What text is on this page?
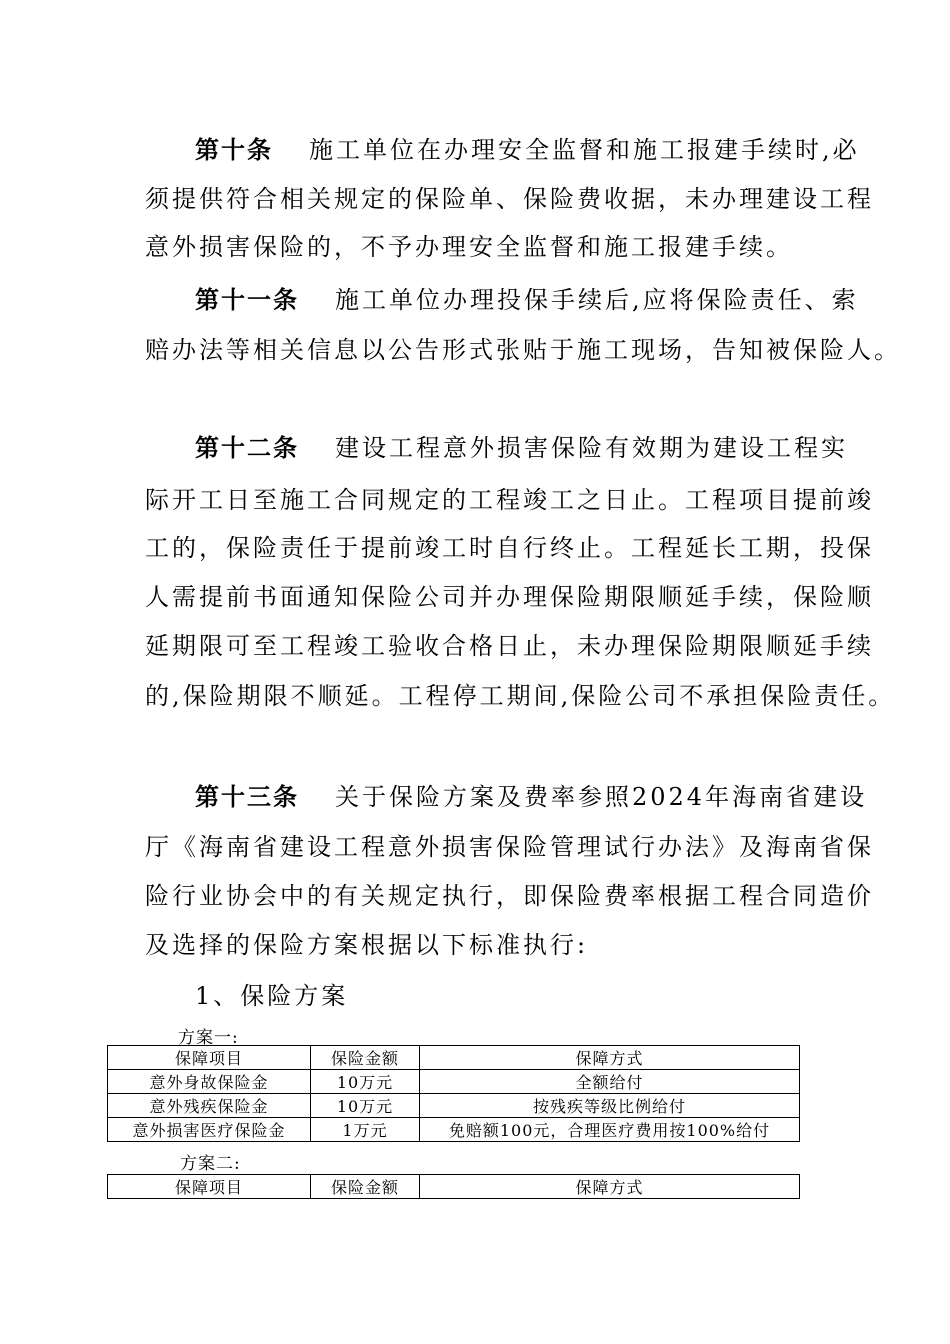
第十条 施工单位在办理安全监督和施工报建手续时,必
须提供符合相关规定的保险单、保险费收据，未办理建设工程
意外损害保险的，不予办理安全监督和施工报建手续。
第十一条 施工单位办理投保手续后,应将保险责任、索
赔办法等相关信息以公告形式张贴于施工现场，告知被保险人。
第十二条 建设工程意外损害保险有效期为建设工程实
际开工日至施工合同规定的工程竣工之日止。工程项目提前竣
工的，保险责任于提前竣工时自行终止。工程延长工期，投保
人需提前书面通知保险公司并办理保险期限顺延手续，保险顺
延期限可至工程竣工验收合格日止，未办理保险期限顺延手续
的,保险期限不顺延。工程停工期间,保险公司不承担保险责任。
第十三条 关于保险方案及费率参照2024年海南省建设
厅《海南省建设工程意外损害保险管理试行办法》及海南省保
险行业协会中的有关规定执行，即保险费率根据工程合同造价
及选择的保险方案根据以下标准执行:
1、保险方案
方案一:
保障项目	保险金额	保障方式
意外身故保险金	10万元	全额给付
意外残疾保险金	10万元	按残疾等级比例给付
意外损害医疗保险金	1万元	免赔额100元，合理医疗费用按100%给付
方案二:
保障项目	保险金额	保障方式
